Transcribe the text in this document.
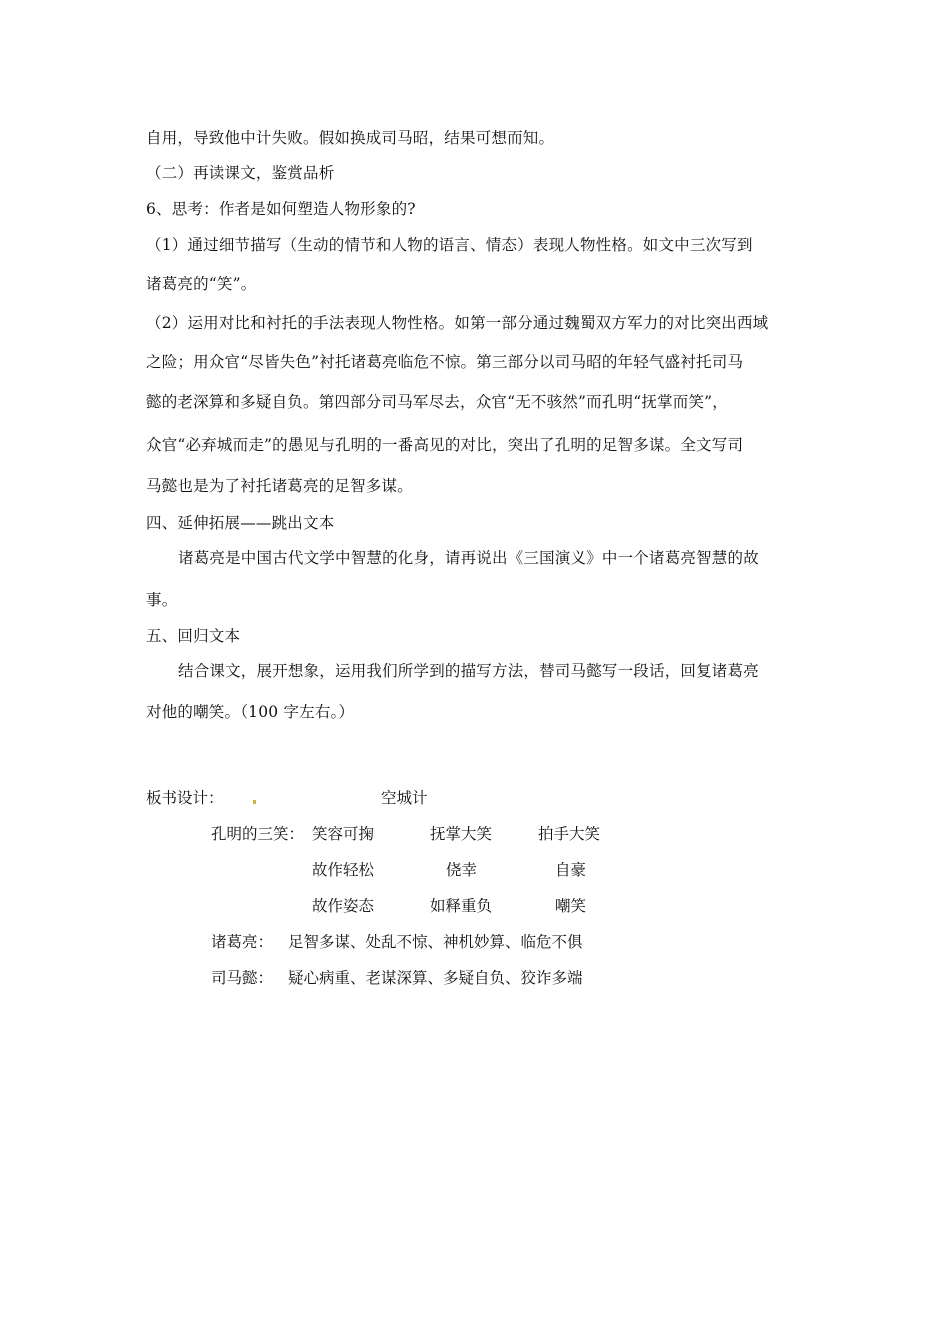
自用，导致他中计失败。假如换成司马昭，结果可想而知。
（二）再读课文，鉴赏品析
6、思考：作者是如何塑造人物形象的?
（1）通过细节描写（生动的情节和人物的语言、情态）表现人物性格。如文中三次写到
诸葛亮的“笑”。
（2）运用对比和衬托的手法表现人物性格。如第一部分通过魏蜀双方军力的对比突出西域
之险；用众官“尽皆失色”衬托诸葛亮临危不惊。第三部分以司马昭的年轻气盛衬托司马
懿的老深算和多疑自负。第四部分司马军尽去，众官“无不骇然”而孔明“抚掌而笑”，
众官“必弃城而走”的愚见与孔明的一番高见的对比，突出了孔明的足智多谋。全文写司
马懿也是为了衬托诸葛亮的足智多谋。
四、延伸拓展——跳出文本
诸葛亮是中国古代文学中智慧的化身，请再说出《三国演义》中一个诸葛亮智慧的故
事。
五、回归文本
结合课文，展开想象，运用我们所学到的描写方法，替司马懿写一段话，回复诸葛亮
对他的嘲笑。（100 字左右。）
板书设计：	空城计
孔明的三笑： 笑容可掬	抚掌大笑	拍手大笑
故作轻松	侥幸	自豪
故作姿态	如释重负	嘲笑
诸葛亮： 足智多谋、处乱不惊、神机妙算、临危不俱
司马懿： 疑心病重、老谋深算、多疑自负、狡诈多端
